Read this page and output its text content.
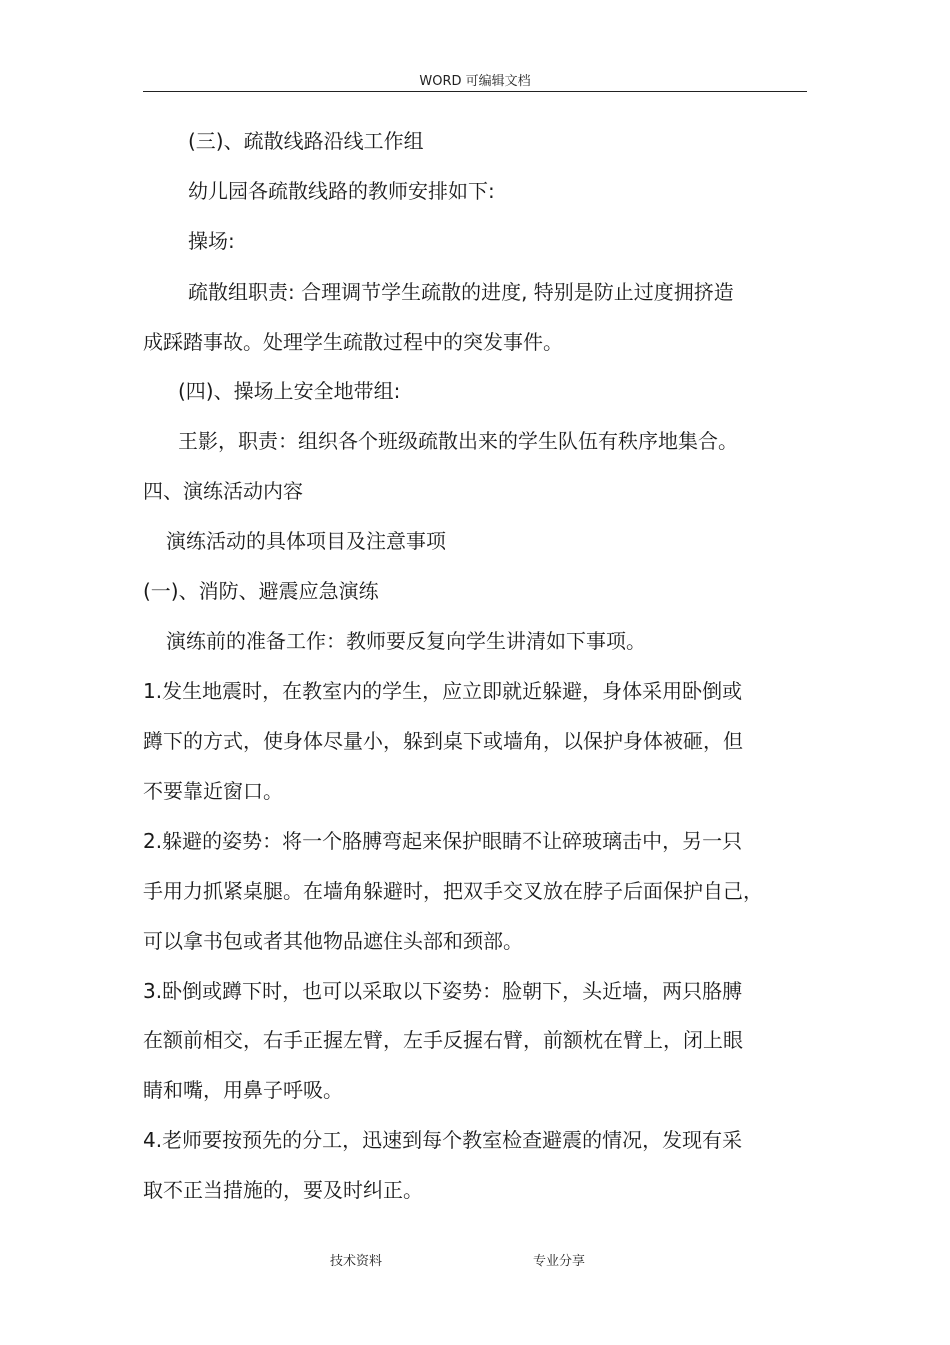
WORD 可编辑文档
(三)、疏散线路沿线工作组
幼儿园各疏散线路的教师安排如下:
操场:
疏散组职责: 合理调节学生疏散的进度, 特别是防止过度拥挤造
成踩踏事故。处理学生疏散过程中的突发事件。
(四)、操场上安全地带组:
王影，职责：组织各个班级疏散出来的学生队伍有秩序地集合。
四、演练活动内容
演练活动的具体项目及注意事项
(一)、消防、避震应急演练
演练前的准备工作：教师要反复向学生讲清如下事项。
1.发生地震时，在教室内的学生，应立即就近躲避，身体采用卧倒或
蹲下的方式，使身体尽量小，躲到桌下或墙角，以保护身体被砸，但
不要靠近窗口。
2.躲避的姿势：将一个胳膊弯起来保护眼睛不让碎玻璃击中，另一只
手用力抓紧桌腿。在墙角躲避时，把双手交叉放在脖子后面保护自己，
可以拿书包或者其他物品遮住头部和颈部。
3.卧倒或蹲下时，也可以采取以下姿势：脸朝下，头近墙，两只胳膊
在额前相交，右手正握左臂，左手反握右臂，前额枕在臂上，闭上眼
睛和嘴，用鼻子呼吸。
4.老师要按预先的分工，迅速到每个教室检查避震的情况，发现有采
取不正当措施的，要及时纠正。
技术资料	专业分享
